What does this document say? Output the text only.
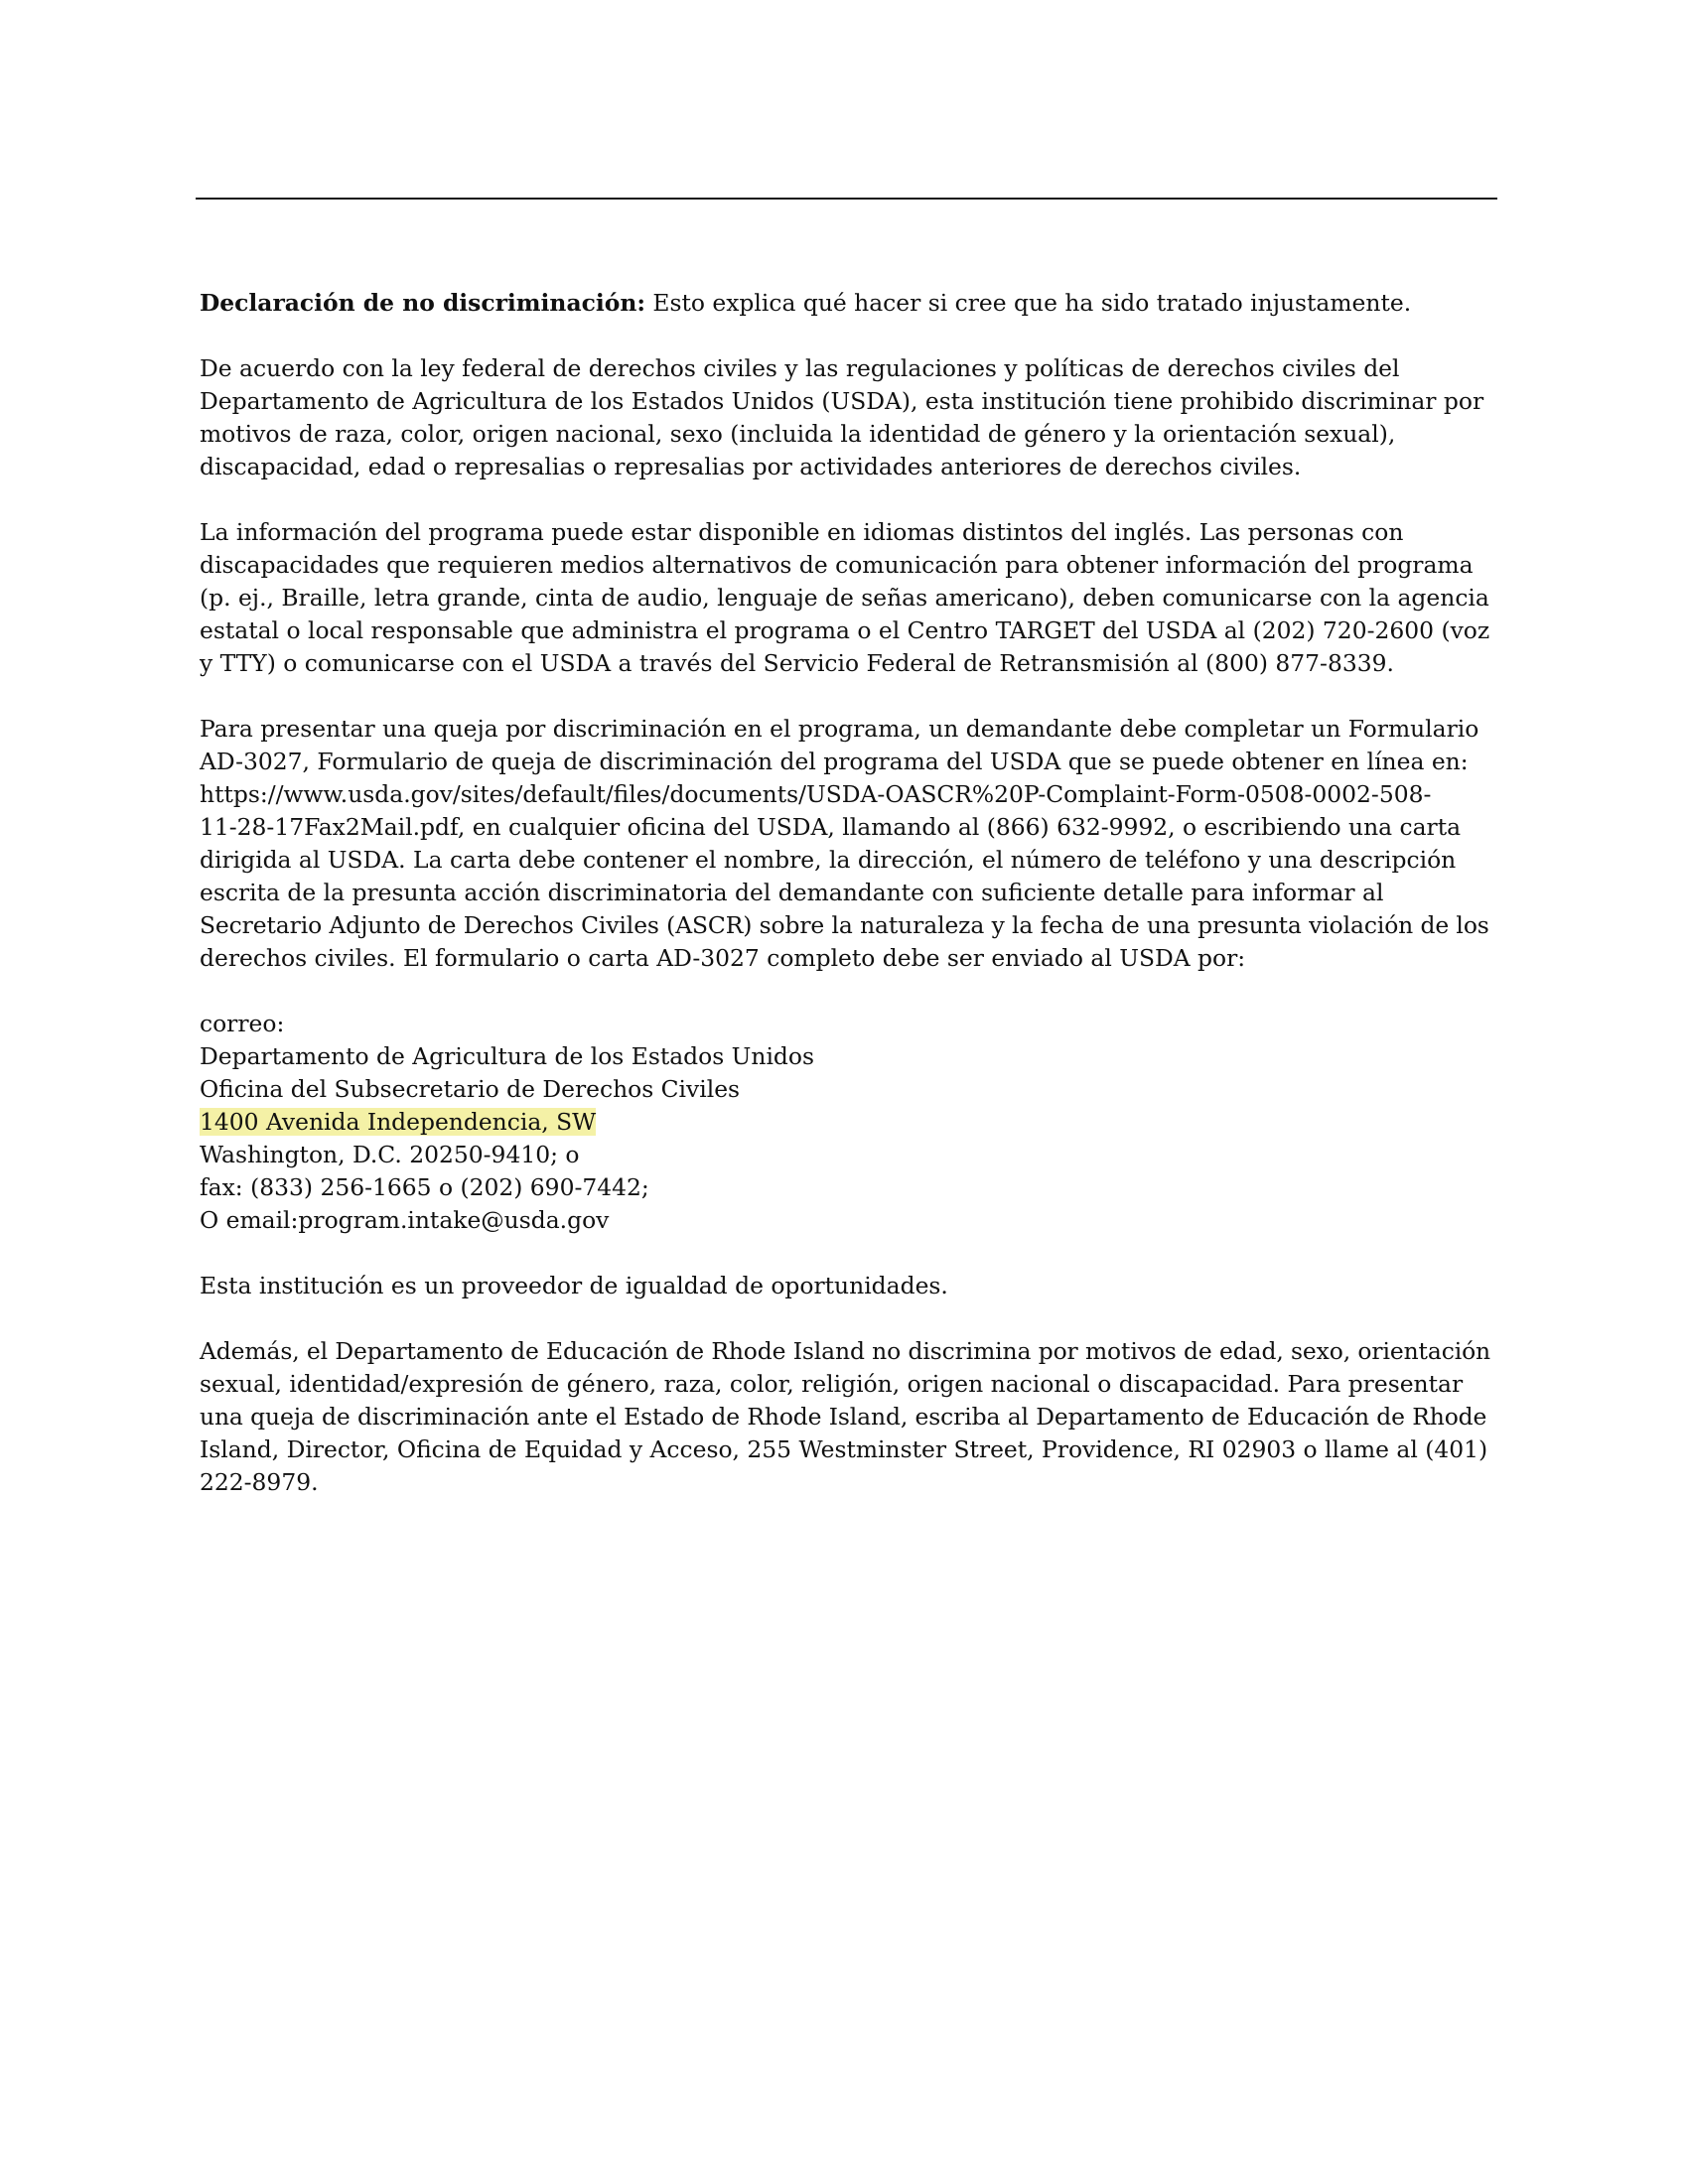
Declaración de no discriminación: Esto explica qué hacer si cree que ha sido tratado injustamente.

De acuerdo con la ley federal de derechos civiles y las regulaciones y políticas de derechos civiles del
Departamento de Agricultura de los Estados Unidos (USDA), esta institución tiene prohibido discriminar por
motivos de raza, color, origen nacional, sexo (incluida la identidad de género y la orientación sexual),
discapacidad, edad o represalias o represalias por actividades anteriores de derechos civiles.

La información del programa puede estar disponible en idiomas distintos del inglés. Las personas con
discapacidades que requieren medios alternativos de comunicación para obtener información del programa
(p. ej., Braille, letra grande, cinta de audio, lenguaje de señas americano), deben comunicarse con la agencia
estatal o local responsable que administra el programa o el Centro TARGET del USDA al (202) 720-2600 (voz
y TTY) o comunicarse con el USDA a través del Servicio Federal de Retransmisión al (800) 877-8339.

Para presentar una queja por discriminación en el programa, un demandante debe completar un Formulario
AD-3027, Formulario de queja de discriminación del programa del USDA que se puede obtener en línea en:
https://www.usda.gov/sites/default/files/documents/USDA-OASCR%20P-Complaint-Form-0508-0002-508-
11-28-17Fax2Mail.pdf, en cualquier oficina del USDA, llamando al (866) 632-9992, o escribiendo una carta
dirigida al USDA. La carta debe contener el nombre, la dirección, el número de teléfono y una descripción
escrita de la presunta acción discriminatoria del demandante con suficiente detalle para informar al
Secretario Adjunto de Derechos Civiles (ASCR) sobre la naturaleza y la fecha de una presunta violación de los
derechos civiles. El formulario o carta AD-3027 completo debe ser enviado al USDA por:

correo:
Departamento de Agricultura de los Estados Unidos
Oficina del Subsecretario de Derechos Civiles
1400 Avenida Independencia, SW
Washington, D.C. 20250-9410; o
fax: (833) 256-1665 o (202) 690-7442;
O email:program.intake@usda.gov

Esta institución es un proveedor de igualdad de oportunidades.

Además, el Departamento de Educación de Rhode Island no discrimina por motivos de edad, sexo, orientación
sexual, identidad/expresión de género, raza, color, religión, origen nacional o discapacidad. Para presentar
una queja de discriminación ante el Estado de Rhode Island, escriba al Departamento de Educación de Rhode
Island, Director, Oficina de Equidad y Acceso, 255 Westminster Street, Providence, RI 02903 o llame al (401)
222-8979.
